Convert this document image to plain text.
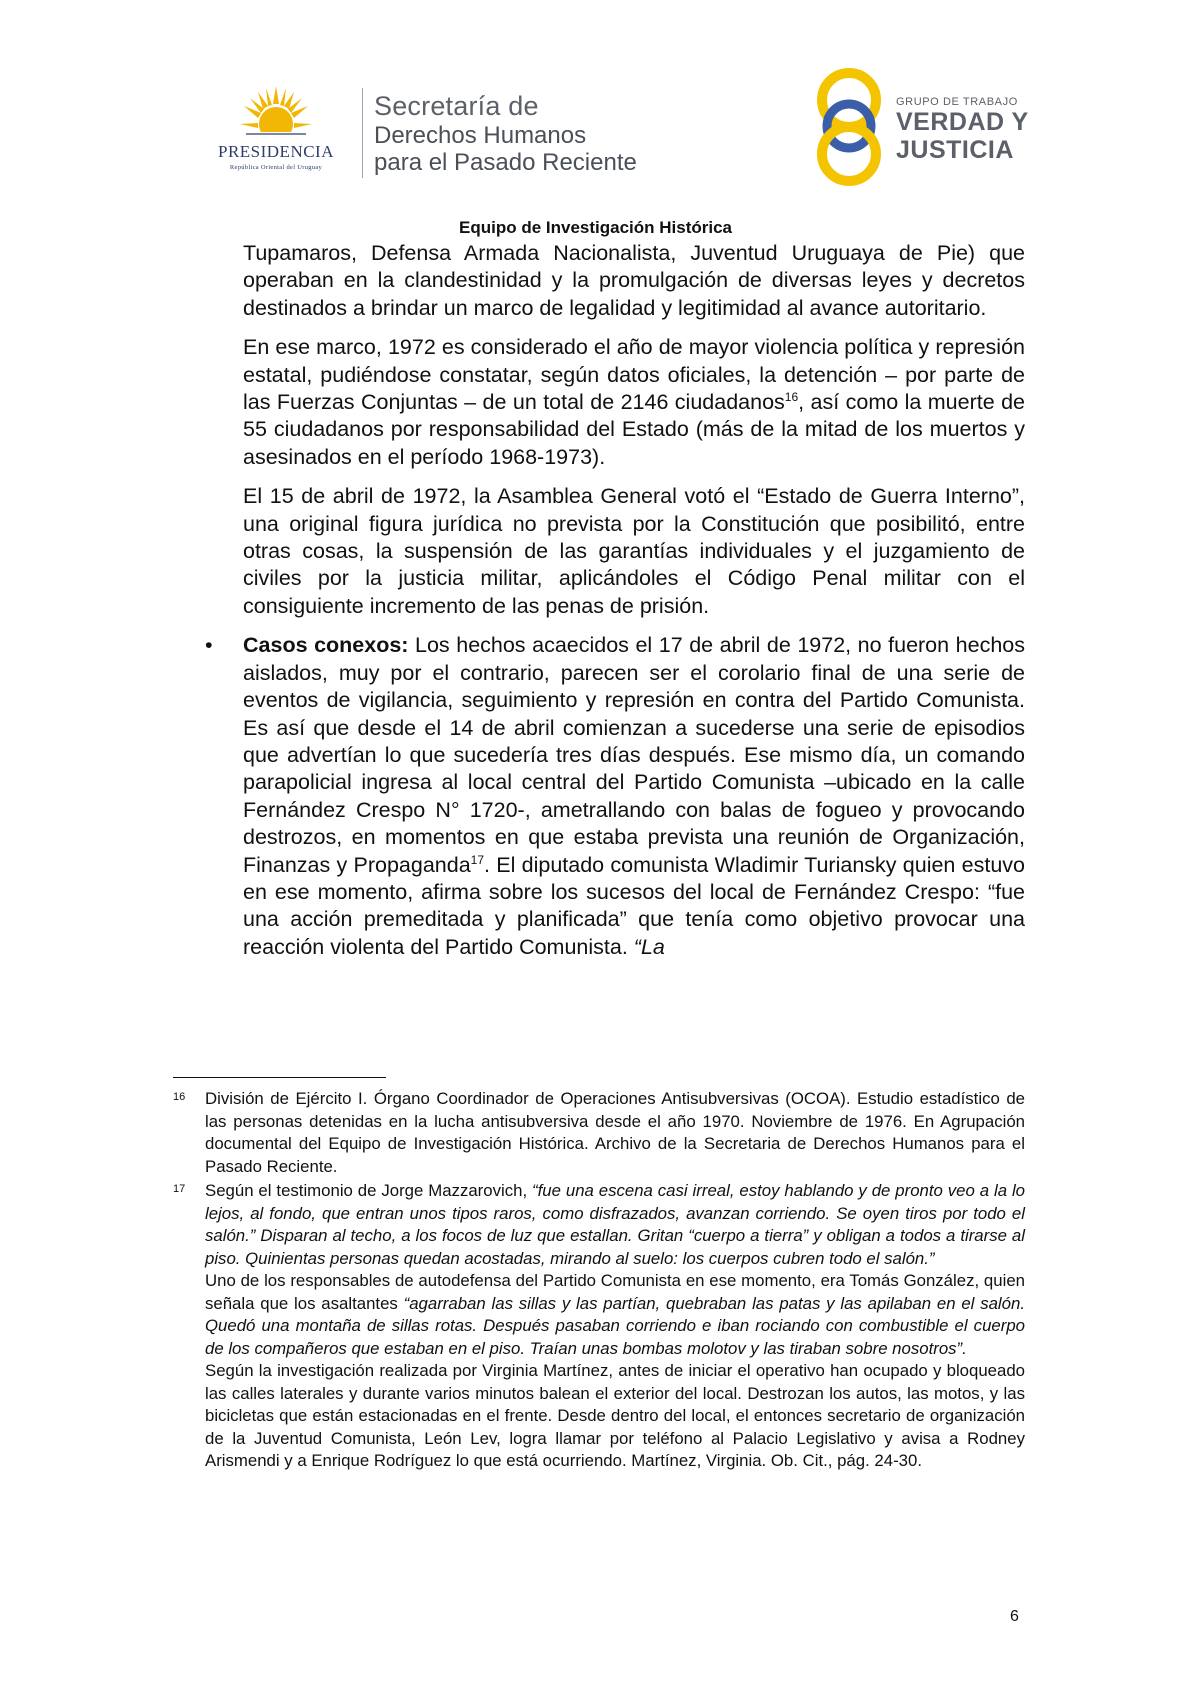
PRESIDENCIA
República Oriental del Uruguay
Secretaría de
Derechos Humanos
para el Pasado Reciente
GRUPO DE TRABAJO
VERDAD Y
JUSTICIA
Equipo de Investigación Histórica

Tupamaros, Defensa Armada Nacionalista, Juventud Uruguaya de Pie) que operaban en la clandestinidad y la promulgación de diversas leyes y decretos destinados a brindar un marco de legalidad y legitimidad al avance autoritario.

En ese marco, 1972 es considerado el año de mayor violencia política y represión estatal, pudiéndose constatar, según datos oficiales, la detención – por parte de las Fuerzas Conjuntas – de un total de 2146 ciudadanos$^{16}$, así como la muerte de 55 ciudadanos por responsabilidad del Estado (más de la mitad de los muertos y asesinados en el período 1968-1973).

El 15 de abril de 1972, la Asamblea General votó el “Estado de Guerra Interno”, una original figura jurídica no prevista por la Constitución que posibilitó, entre otras cosas, la suspensión de las garantías individuales y el juzgamiento de civiles por la justicia militar, aplicándoles el Código Penal militar con el consiguiente incremento de las penas de prisión.

• Casos conexos: Los hechos acaecidos el 17 de abril de 1972, no fueron hechos aislados, muy por el contrario, parecen ser el corolario final de una serie de eventos de vigilancia, seguimiento y represión en contra del Partido Comunista. Es así que desde el 14 de abril comienzan a sucederse una serie de episodios que advertían lo que sucedería tres días después. Ese mismo día, un comando parapolicial ingresa al local central del Partido Comunista –ubicado en la calle Fernández Crespo N° 1720-, ametrallando con balas de fogueo y provocando destrozos, en momentos en que estaba prevista una reunión de Organización, Finanzas y Propaganda$^{17}$. El diputado comunista Wladimir Turiansky quien estuvo en ese momento, afirma sobre los sucesos del local de Fernández Crespo: “fue una acción premeditada y planificada” que tenía como objetivo provocar una reacción violenta del Partido Comunista. “La

16 División de Ejército I. Órgano Coordinador de Operaciones Antisubversivas (OCOA). Estudio estadístico de las personas detenidas en la lucha antisubversiva desde el año 1970. Noviembre de 1976. En Agrupación documental del Equipo de Investigación Histórica. Archivo de la Secretaria de Derechos Humanos para el Pasado Reciente.

17 Según el testimonio de Jorge Mazzarovich, “fue una escena casi irreal, estoy hablando y de pronto veo a la lo lejos, al fondo, que entran unos tipos raros, como disfrazados, avanzan corriendo. Se oyen tiros por todo el salón.” Disparan al techo, a los focos de luz que estallan. Gritan “cuerpo a tierra” y obligan a todos a tirarse al piso. Quinientas personas quedan acostadas, mirando al suelo: los cuerpos cubren todo el salón.”

Uno de los responsables de autodefensa del Partido Comunista en ese momento, era Tomás González, quien señala que los asaltantes “agarraban las sillas y las partían, quebraban las patas y las apilaban en el salón. Quedó una montaña de sillas rotas. Después pasaban corriendo e iban rociando con combustible el cuerpo de los compañeros que estaban en el piso. Traían unas bombas molotov y las tiraban sobre nosotros”.

Según la investigación realizada por Virginia Martínez, antes de iniciar el operativo han ocupado y bloqueado las calles laterales y durante varios minutos balean el exterior del local. Destrozan los autos, las motos, y las bicicletas que están estacionadas en el frente. Desde dentro del local, el entonces secretario de organización de la Juventud Comunista, León Lev, logra llamar por teléfono al Palacio Legislativo y avisa a Rodney Arismendi y a Enrique Rodríguez lo que está ocurriendo. Martínez, Virginia. Ob. Cit., pág. 24-30.

6
